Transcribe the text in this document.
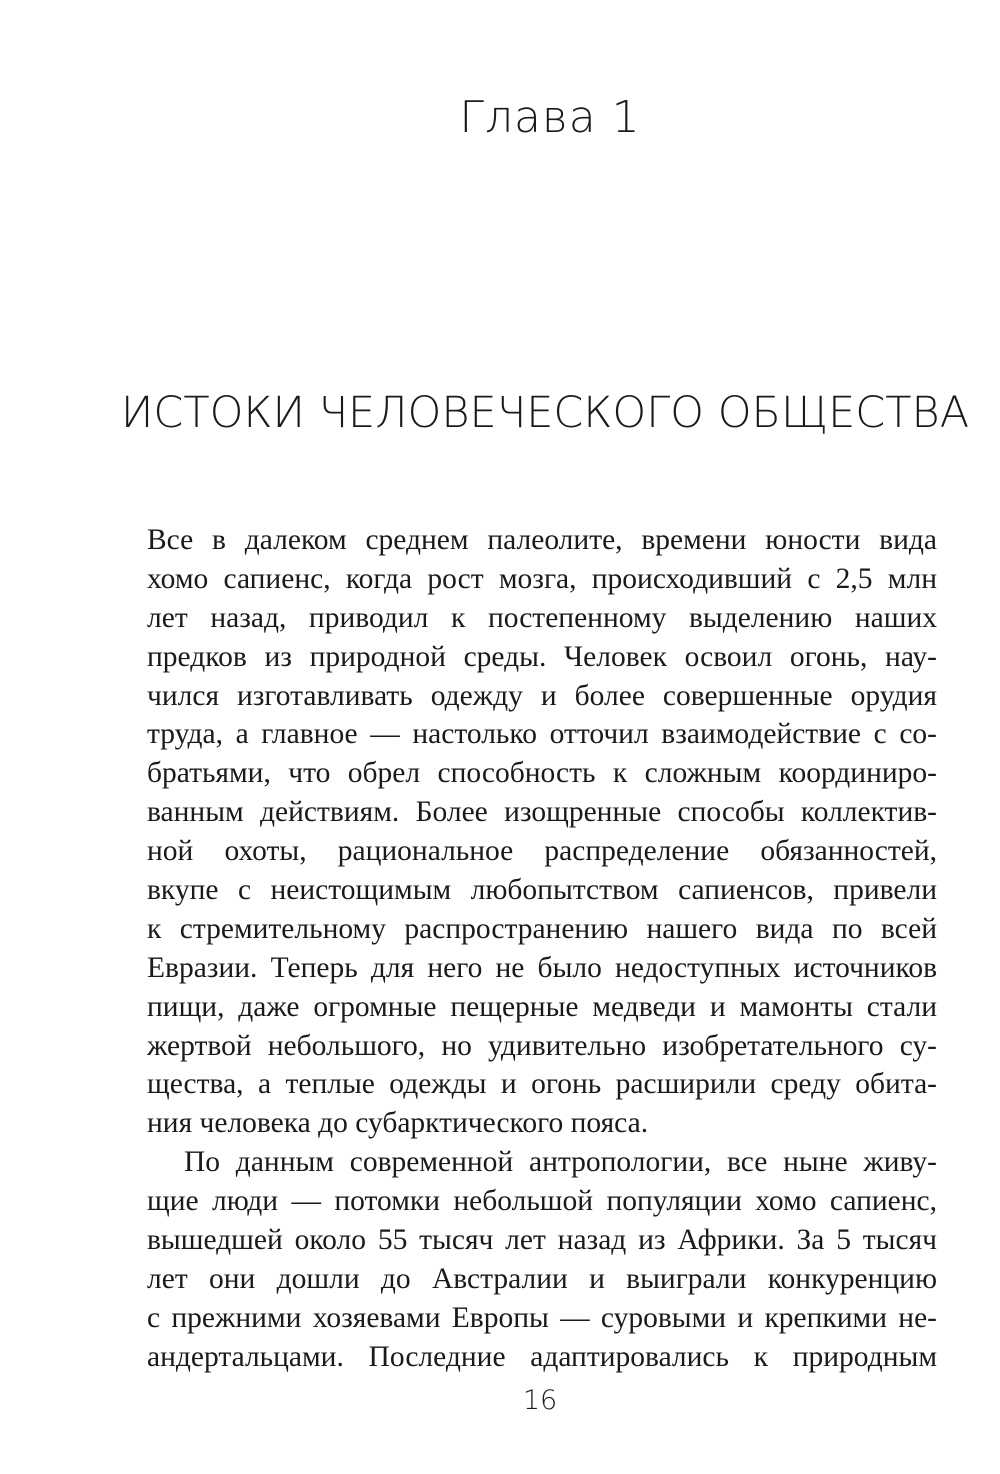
Глава 1
ИСТОКИ ЧЕЛОВЕЧЕСКОГО ОБЩЕСТВА
Все в далеком среднем палеолите, времени юности вида
хомо сапиенс, когда рост мозга, происходивший с 2,5 млн
лет назад, приводил к постепенному выделению наших
предков из природной среды. Человек освоил огонь, нау-
чился изготавливать одежду и более совершенные орудия
труда, а главное — настолько отточил взаимодействие с со-
братьями, что обрел способность к сложным координиро-
ванным действиям. Более изощренные способы коллектив-
ной охоты, рациональное распределение обязанностей,
вкупе с неистощимым любопытством сапиенсов, привели
к стремительному распространению нашего вида по всей
Евразии. Теперь для него не было недоступных источников
пищи, даже огромные пещерные медведи и мамонты стали
жертвой небольшого, но удивительно изобретательного су-
щества, а теплые одежды и огонь расширили среду обита-
ния человека до субарктического пояса.
По данным современной антропологии, все ныне живу-
щие люди — потомки небольшой популяции хомо сапиенс,
вышедшей около 55 тысяч лет назад из Африки. За 5 тысяч
лет они дошли до Австралии и выиграли конкуренцию
с прежними хозяевами Европы — суровыми и крепкими не-
андертальцами. Последние адаптировались к природным
16
